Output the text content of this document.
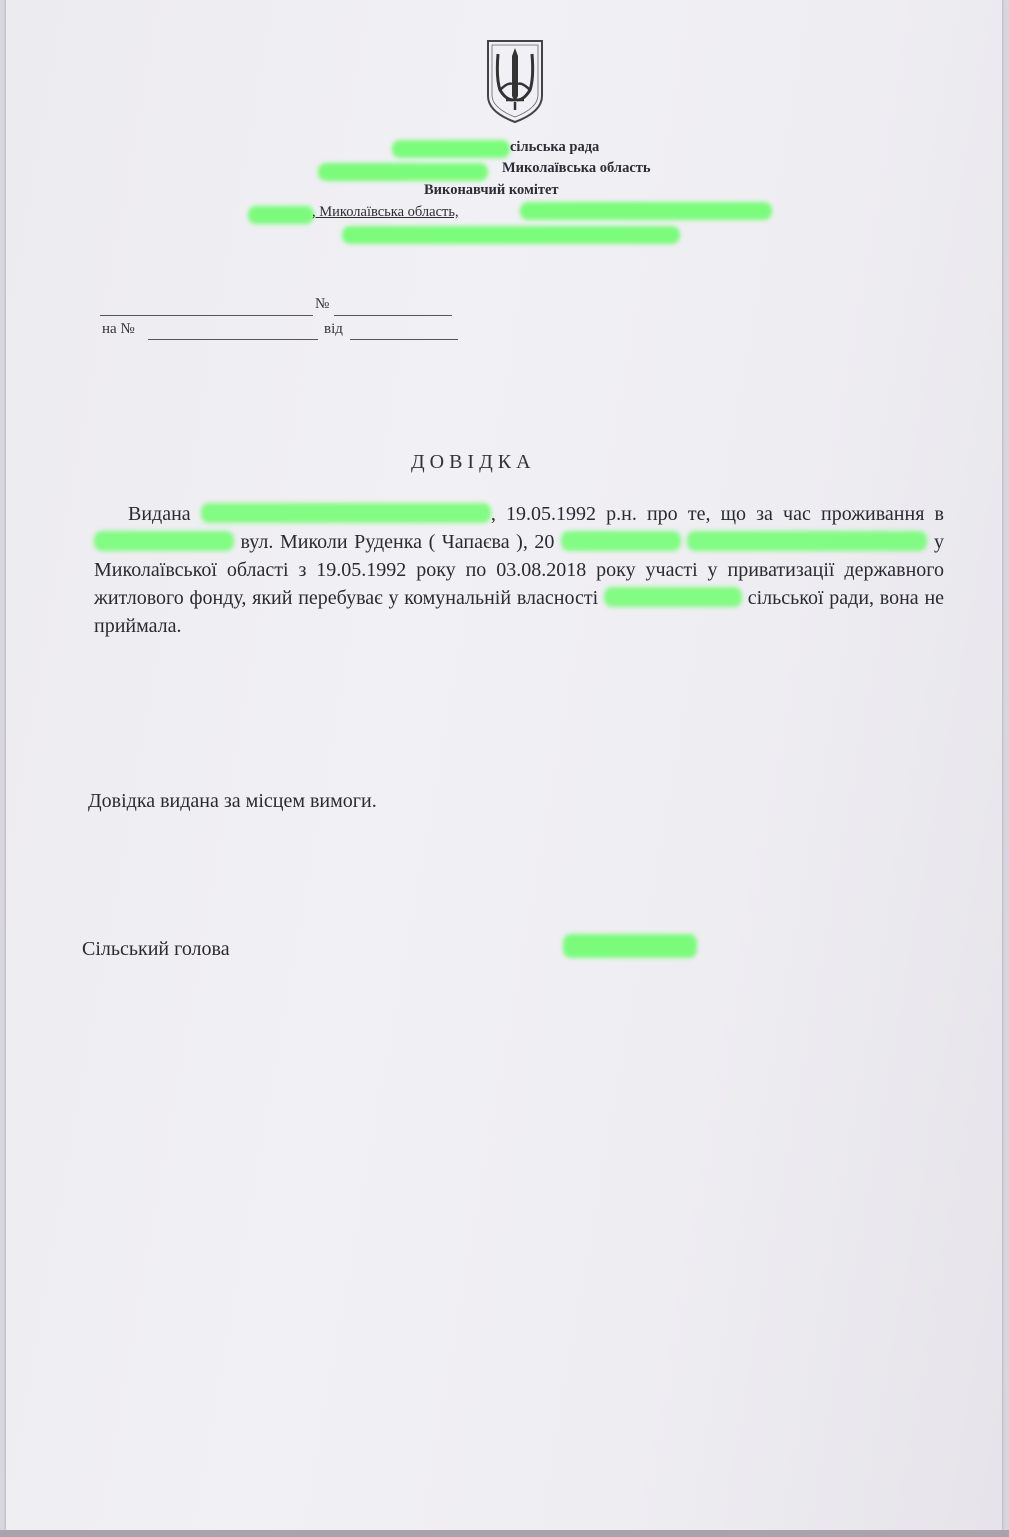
сільська рада
Миколаївська область
Виконавчий комітет
, Миколаївська область,
№
на №	від
ДОВІДКА

Видана	, 19.05.1992 р.н. про те, що за час проживання в  вул. Миколи Руденка ( Чапаєва ), 20	у Миколаївської області з 19.05.1992 року по 03.08.2018 року участі у приватизації державного житлового фонду, який перебуває у комунальній власності	сільської ради, вона не приймала.

Довідка видана за місцем вимоги.
Сільський голова
